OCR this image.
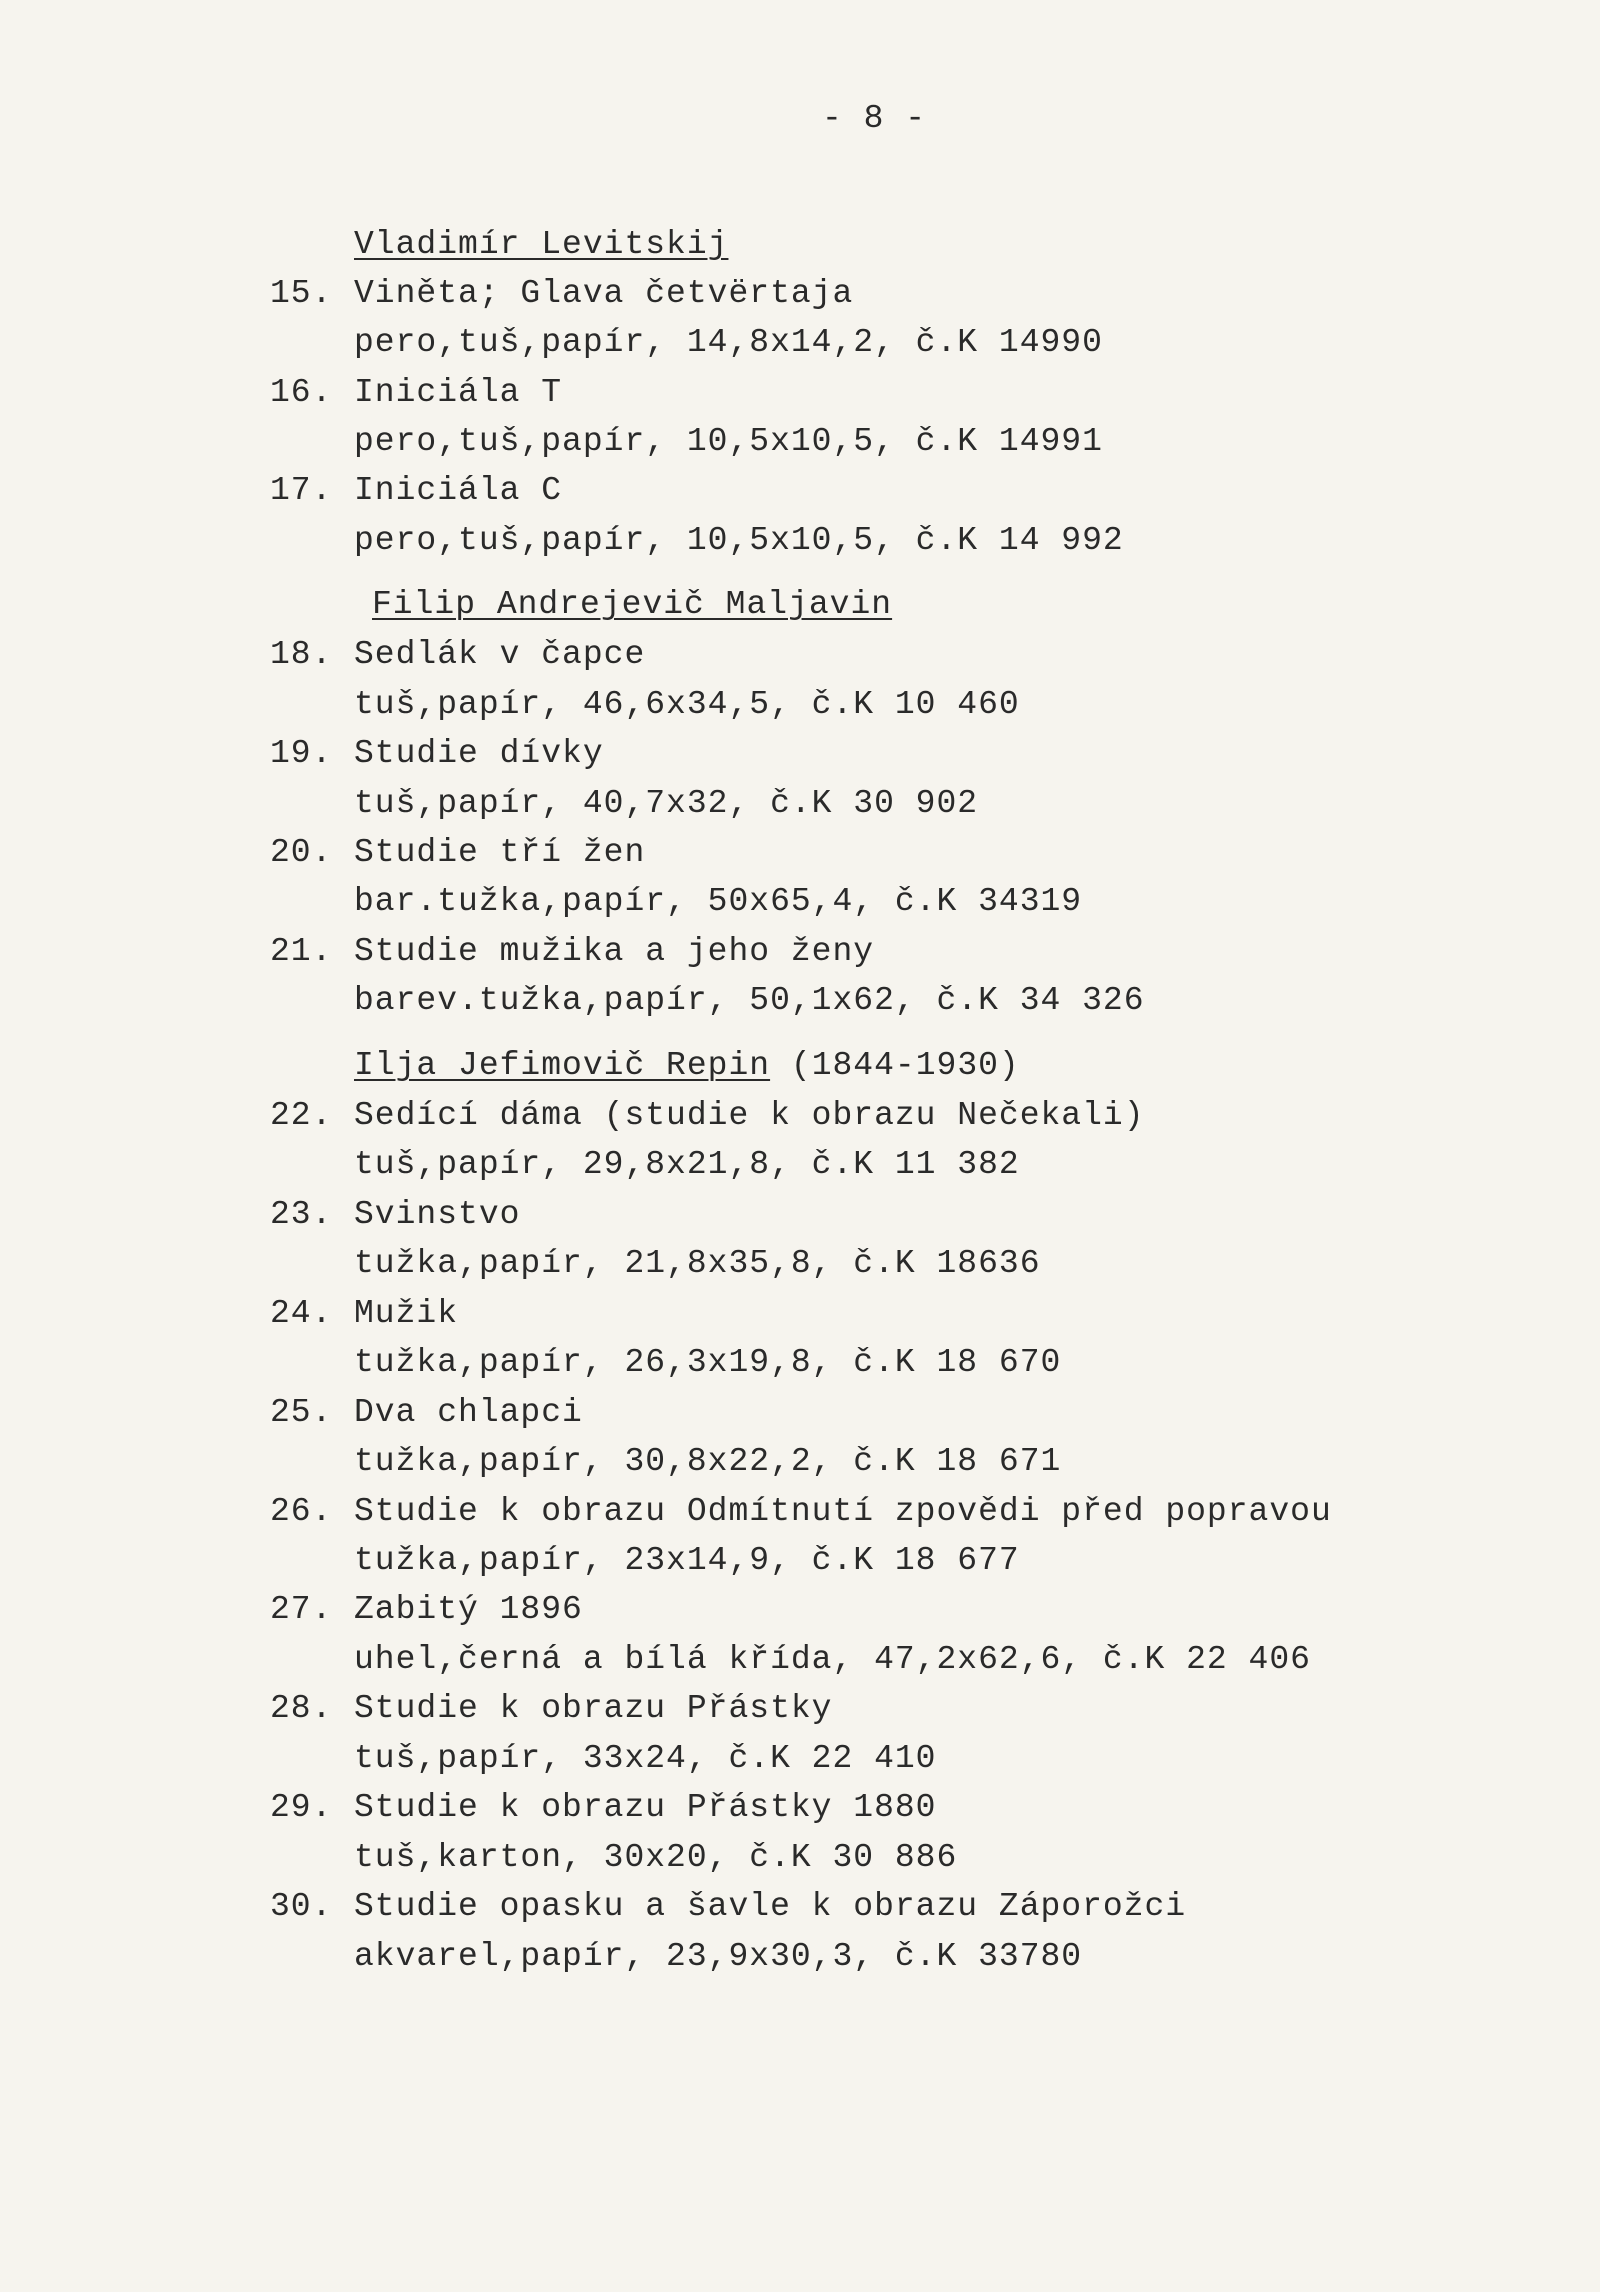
- 8 -
Vladimír Levitskij
15. Viněta; Glava četvërtaja
pero,tuš,papír, 14,8x14,2, č.K 14990
16. Iniciála T
pero,tuš,papír, 10,5x10,5, č.K 14991
17. Iniciála C
pero,tuš,papír, 10,5x10,5, č.K 14 992
Filip Andrejevič Maljavin
18. Sedlák v čapce
tuš,papír, 46,6x34,5, č.K 10 460
19. Studie dívky
tuš,papír, 40,7x32, č.K 30 902
20. Studie tří žen
bar.tužka,papír, 50x65,4, č.K 34319
21. Studie mužika a jeho ženy
barev.tužka,papír, 50,1x62, č.K 34 326
Ilja Jefimovič Repin (1844-1930)
22. Sedící dáma (studie k obrazu Nečekali)
tuš,papír, 29,8x21,8, č.K 11 382
23. Svinstvo
tužka,papír, 21,8x35,8, č.K 18636
24. Mužik
tužka,papír, 26,3x19,8, č.K 18 670
25. Dva chlapci
tužka,papír, 30,8x22,2, č.K 18 671
26. Studie k obrazu Odmítnutí zpovědi před popravou
tužka,papír, 23x14,9, č.K 18 677
27. Zabitý 1896
uhel,černá a bílá křída, 47,2x62,6, č.K 22 406
28. Studie k obrazu Přástky
tuš,papír, 33x24, č.K 22 410
29. Studie k obrazu Přástky 1880
tuš,karton, 30x20, č.K 30 886
30. Studie opasku a šavle k obrazu Záporožci
akvarel,papír, 23,9x30,3, č.K 33780
